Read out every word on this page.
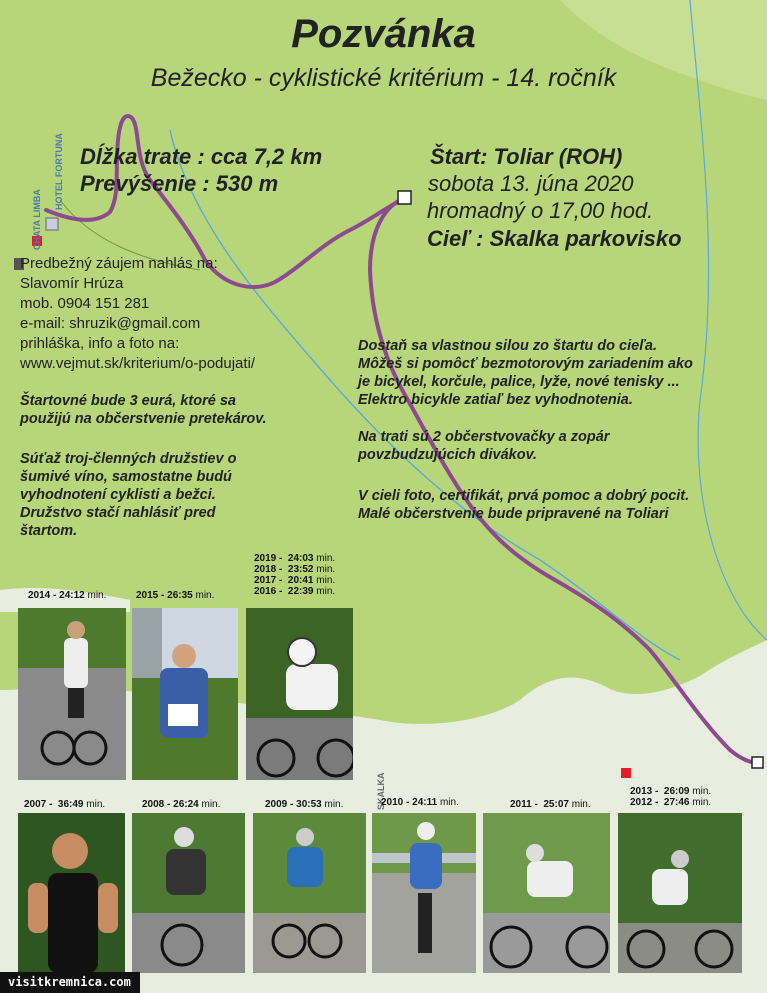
HOTEL FORTUNA
CHATA LIMBA
SKALKA
Pozvánka
Bežecko - cyklistické kritérium - 14. ročník
Dĺžka trate : cca 7,2 km
Prevýšenie : 530 m
Štart: Toliar (ROH)
sobota 13. júna 2020
hromadný o 17,00 hod.
Cieľ : Skalka parkovisko
Predbežný záujem nahlás na:
Slavomír Hrúza
mob. 0904 151 281
e-mail: shruzik@gmail.com
prihláška, info a foto na:
www.vejmut.sk/kriterium/o-podujati/
Štartovné bude 3 eurá, ktoré sa
použijú na občerstvenie pretekárov.
Súťaž troj-členných družstiev o
šumivé víno, samostatne budú
vyhodnotení cyklisti a bežci.
Družstvo stačí nahlásiť pred
štartom.
Dostaň sa vlastnou silou zo štartu do cieľa.
Môžeš si pomôcť bezmotorovým zariadením ako
je bicykel, korčule, palice, lyže, nové tenisky ...
Elektro bicykle zatiaľ bez vyhodnotenia.
Na trati sú 2 občerstvovačky a zopár
povzbudzujúcich divákov.
V cieli foto, certifikát, prvá pomoc a dobrý pocit.
Malé občerstvenie bude pripravené na Toliari
2014 - 24:12 min.	2015 - 26:35 min.
2019 -  24:03 min.
2018 -  23:52 min.
2017 -  20:41 min.
2016 -  22:39 min.
2007 -  36:49 min.	2008 - 26:24 min.	2009 - 30:53 min.	2010 - 24:11 min.	2011 -  25:07 min.
2013 -  26:09 min.
2012 -  27:46 min.
visitkremnica.com
